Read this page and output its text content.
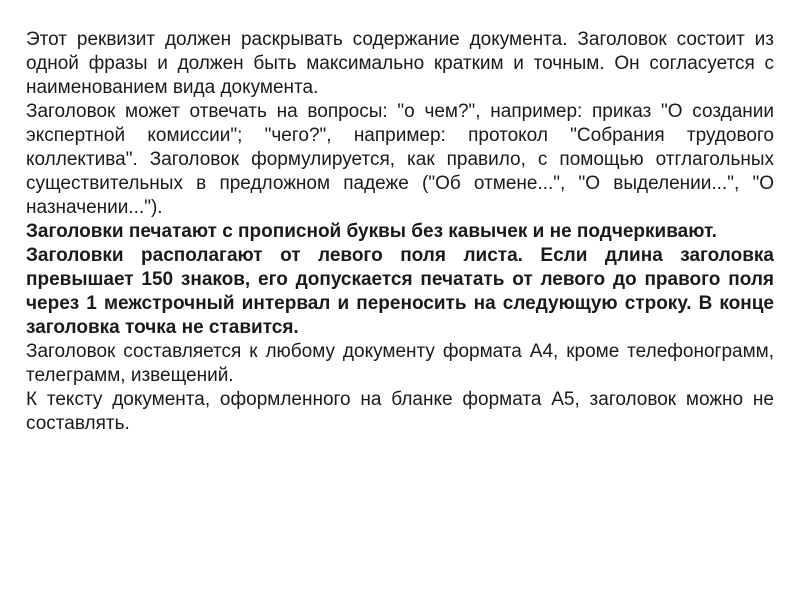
Этот реквизит должен раскрывать содержание документа. Заголовок состоит из одной фразы и должен быть максимально кратким и точным. Он согласуется с наименованием вида документа.

Заголовок может отвечать на вопросы: "о чем?", например: приказ "О создании экспертной комиссии"; "чего?", например: протокол "Собрания трудового коллектива". Заголовок формулируется, как правило, с помощью отглагольных существительных в предложном падеже ("Об отмене...", "О выделении...", "О назначении...").

Заголовки печатают с прописной буквы без кавычек и не подчеркивают.

Заголовки располагают от левого поля листа. Если длина заголовка превышает 150 знаков, его допускается печатать от левого до правого поля через 1 межстрочный интервал и переносить на следующую строку. В конце заголовка точка не ставится.

Заголовок составляется к любому документу формата А4, кроме телефонограмм, телеграмм, извещений.

К тексту документа, оформленного на бланке формата А5, заголовок можно не составлять.
